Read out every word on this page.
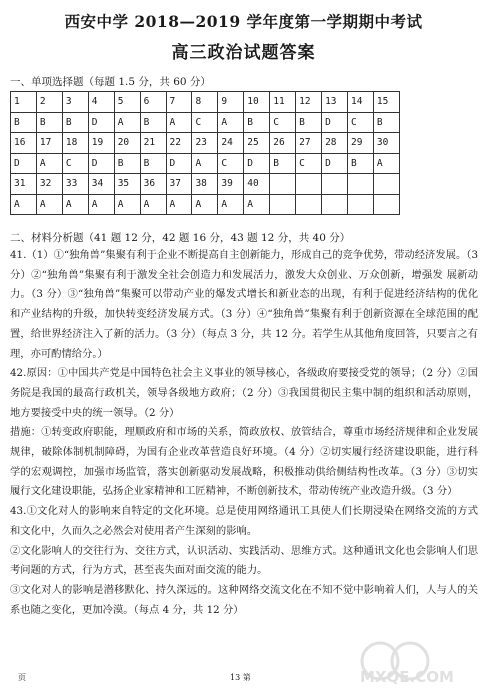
西安中学 2018—2019 学年度第一学期期中考试
高三政治试题答案
一、单项选择题（每题 1.5 分，共 60 分）
1	2	3	4	5	6	7	8	9	10	11	12	13	14	15
B	B	B	D	A	B	A	C	A	B	C	B	D	C	B
16	17	18	19	20	21	22	23	24	25	26	27	28	29	30
D	A	C	D	B	B	D	A	C	D	B	C	D	B	A
31	32	33	34	35	36	37	38	39	40					
A	A	A	A	A	A	A	A	A	A					
二、材料分析题（41 题 12 分，42 题 16 分，43 题 12 分，共 40 分）

41.（1）①“独角兽”集聚有利于企业不断提高自主创新能力，形成自己的竞争优势，带动经济发展。（3 分）②“独角兽”集聚有利于激发全社会创造力和发展活力，激发大众创业、万众创新，增强发 展新动力。（3 分）③“独角兽”集聚可以带动产业的爆发式增长和新业态的出现，有利于促进经济结构的优化和产业结构的升级，加快转变经济发展方式。（3 分）④“独角兽”集聚有利于创新资源在全球范围的配置，给世界经济注入了新的活力。（3 分）（每点 3 分，共 12 分。若学生从其他角度回答，只要言之有理，亦可酌情给分。）

42.原因：①中国共产党是中国特色社会主义事业的领导核心，各级政府要接受党的领导；（2 分）②国务院是我国的最高行政机关，领导各级地方政府；（2 分）③我国贯彻民主集中制的组织和活动原则，地方要接受中央的统一领导。（2 分）

措施：①转变政府职能，理顺政府和市场的关系，简政放权、放管结合，尊重市场经济规律和企业发展规律，破除体制机制障碍，为国有企业改革营造良好环境。（4 分）②切实履行经济建设职能，进行科学的宏观调控，加强市场监管，落实创新驱动发展战略，积极推动供给侧结构性改革。（3 分）③切实履行文化建设职能，弘扬企业家精神和工匠精神，不断创新技术，带动传统产业改造升级。（3 分）

43.①文化对人的影响来自特定的文化环境。总是使用网络通讯工具使人们长期浸染在网络交流的方式和文化中，久而久之必然会对使用者产生深刻的影响。

②文化影响人的交往行为、交往方式，认识活动、实践活动、思维方式。这种通讯文化也会影响人们思考问题的方式，行为方式，甚至丧失面对面交流的能力。

③文化对人的影响是潜移默化、持久深远的。这种网络交流文化在不知不觉中影响着人们，人与人的关系也随之变化，更加冷漠。（每点 4 分，共 12 分）

页	13 第	MXQE.COM
